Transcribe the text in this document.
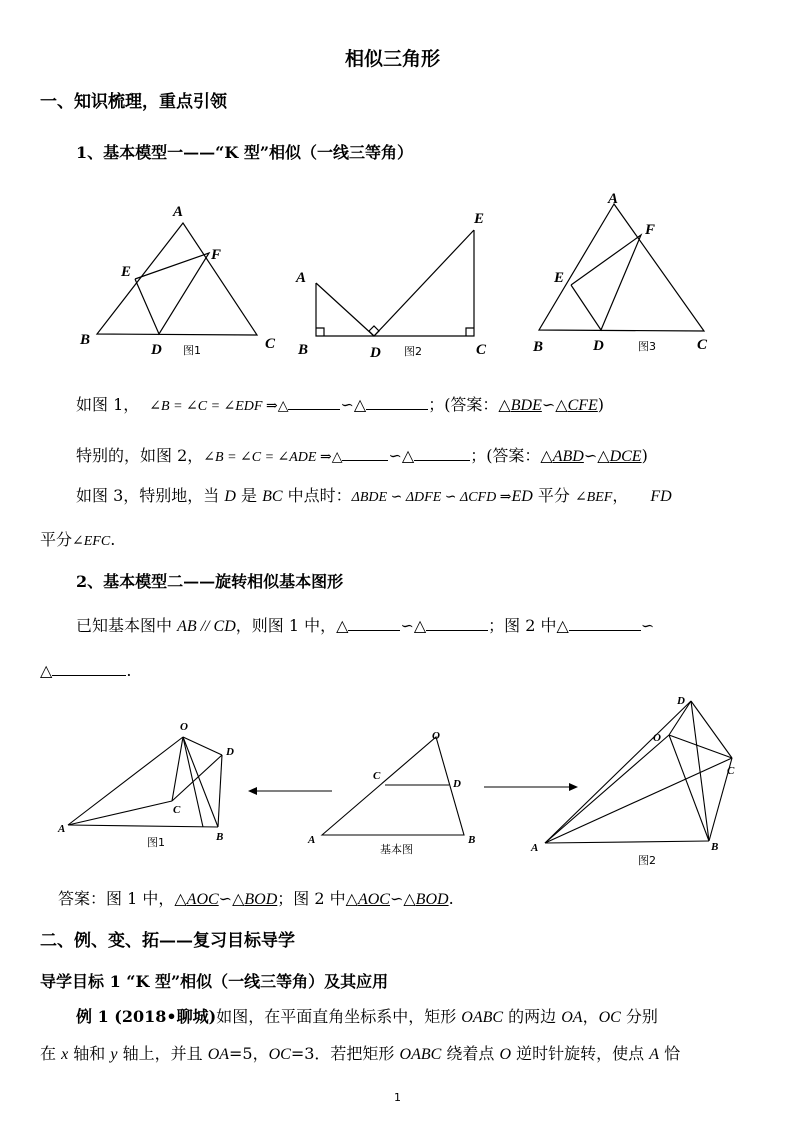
相似三角形
一、知识梳理，重点引领
1、基本模型一——“K 型”相似（一线三等角）
A
B	C
D
E
F
图1
A
B	C
D
E
图2
A
B	C
D
E
F
图3
如图 1， ∠B = ∠C = ∠EDF ⇒△	∽△	；(答案：△BDE∽△CFE)
特别的，如图 2，∠B = ∠C = ∠ADE ⇒△	∽△	；(答案：△ABD∽△DCE)
如图 3，特别地，当 D 是 BC 中点时：ΔBDE ∽ ΔDFE ∽ ΔCFD ⇒ED 平分 ∠BEF， FD
平分∠EFC.
2、基本模型二——旋转相似基本图形
已知基本图中 AB // CD，则图 1 中，△	∽△	；图 2 中△	∽
△	.
O
A
B
C
D
图1
O
A	B
C
D
基本图
D
O
C
A	B
图2
答案：图 1 中，△AOC∽△BOD；图 2 中△AOC∽△BOD.
二、例、变、拓——复习目标导学
导学目标 1 “K 型”相似（一线三等角）及其应用
例 1 (2018•聊城)如图，在平面直角坐标系中，矩形 OABC 的两边 OA，OC 分别
在 x 轴和 y 轴上，并且 OA=5，OC=3．若把矩形 OABC 绕着点 O 逆时针旋转，使点 A 恰
1
